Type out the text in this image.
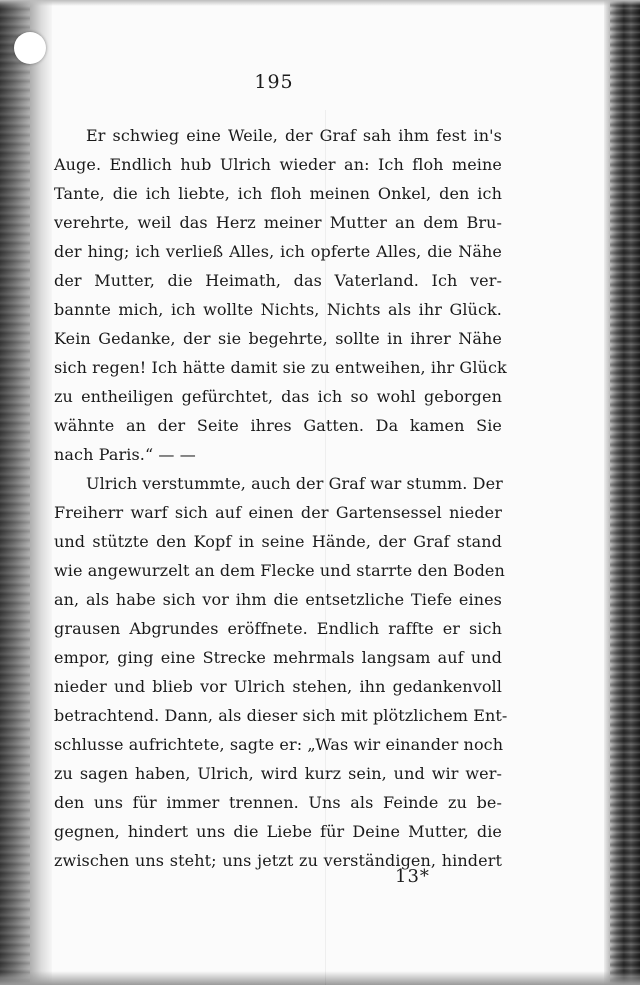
195
Er schwieg eine Weile, der Graf sah ihm fest in's
Auge. Endlich hub Ulrich wieder an: Ich floh meine
Tante, die ich liebte, ich floh meinen Onkel, den ich
verehrte, weil das Herz meiner Mutter an dem Bru-
der hing; ich verließ Alles, ich opferte Alles, die Nähe
der Mutter, die Heimath, das Vaterland. Ich ver-
bannte mich, ich wollte Nichts, Nichts als ihr Glück.
Kein Gedanke, der sie begehrte, sollte in ihrer Nähe
sich regen! Ich hätte damit sie zu entweihen, ihr Glück
zu entheiligen gefürchtet, das ich so wohl geborgen
wähnte an der Seite ihres Gatten. Da kamen Sie
nach Paris.“ — —
Ulrich verstummte, auch der Graf war stumm. Der
Freiherr warf sich auf einen der Gartensessel nieder
und stützte den Kopf in seine Hände, der Graf stand
wie angewurzelt an dem Flecke und starrte den Boden
an, als habe sich vor ihm die entsetzliche Tiefe eines
grausen Abgrundes eröffnete. Endlich raffte er sich
empor, ging eine Strecke mehrmals langsam auf und
nieder und blieb vor Ulrich stehen, ihn gedankenvoll
betrachtend. Dann, als dieser sich mit plötzlichem Ent-
schlusse aufrichtete, sagte er: „Was wir einander noch
zu sagen haben, Ulrich, wird kurz sein, und wir wer-
den uns für immer trennen. Uns als Feinde zu be-
gegnen, hindert uns die Liebe für Deine Mutter, die
zwischen uns steht; uns jetzt zu verständigen, hindert
13*
